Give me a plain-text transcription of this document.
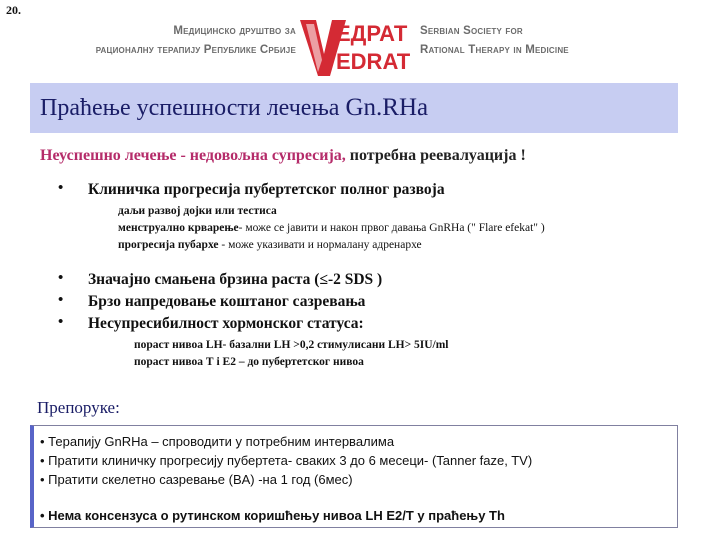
20.
Медицинско друштво за
рационалну терапију Републике Србије
ЕДРАТ
EDRAT
Serbian Society for
Rational Therapy in Medicine
Праћење успешности лечења Gn.RHa
Неуспешно лечење - недовољна супресија, потребна реевалуација !
• Клиничка прогресија пубертетског полног развоја
даљи развој дојки или тестиса
менструално крварење- може се јавити и након првог давања GnRHa (" Flare efekat" )
прогресија пубархе - може указивати и нормалану адренархе
• Значајно смањена брзина раста (≤-2 SDS )
• Брзо напредовање коштаног сазревања
• Несупресибилност хормонског статуса:
пораст нивоа LH- базални LH >0,2 стимулисани LH> 5IU/ml
пораст нивоа Т i E2 – до пубертетског нивоа
Препоруке:
• Терапију GnRHa – спроводити у потребним интервалима
• Пратити клиничку прогресију пубертета- сваких 3 до 6 месеци- (Tanner faze, TV)
• Пратити скелетно сазревање (BA) -на 1 год (6мес)
• Нема консензуса о рутинском коришћењу нивоа LH E2/T у праћењу Th
